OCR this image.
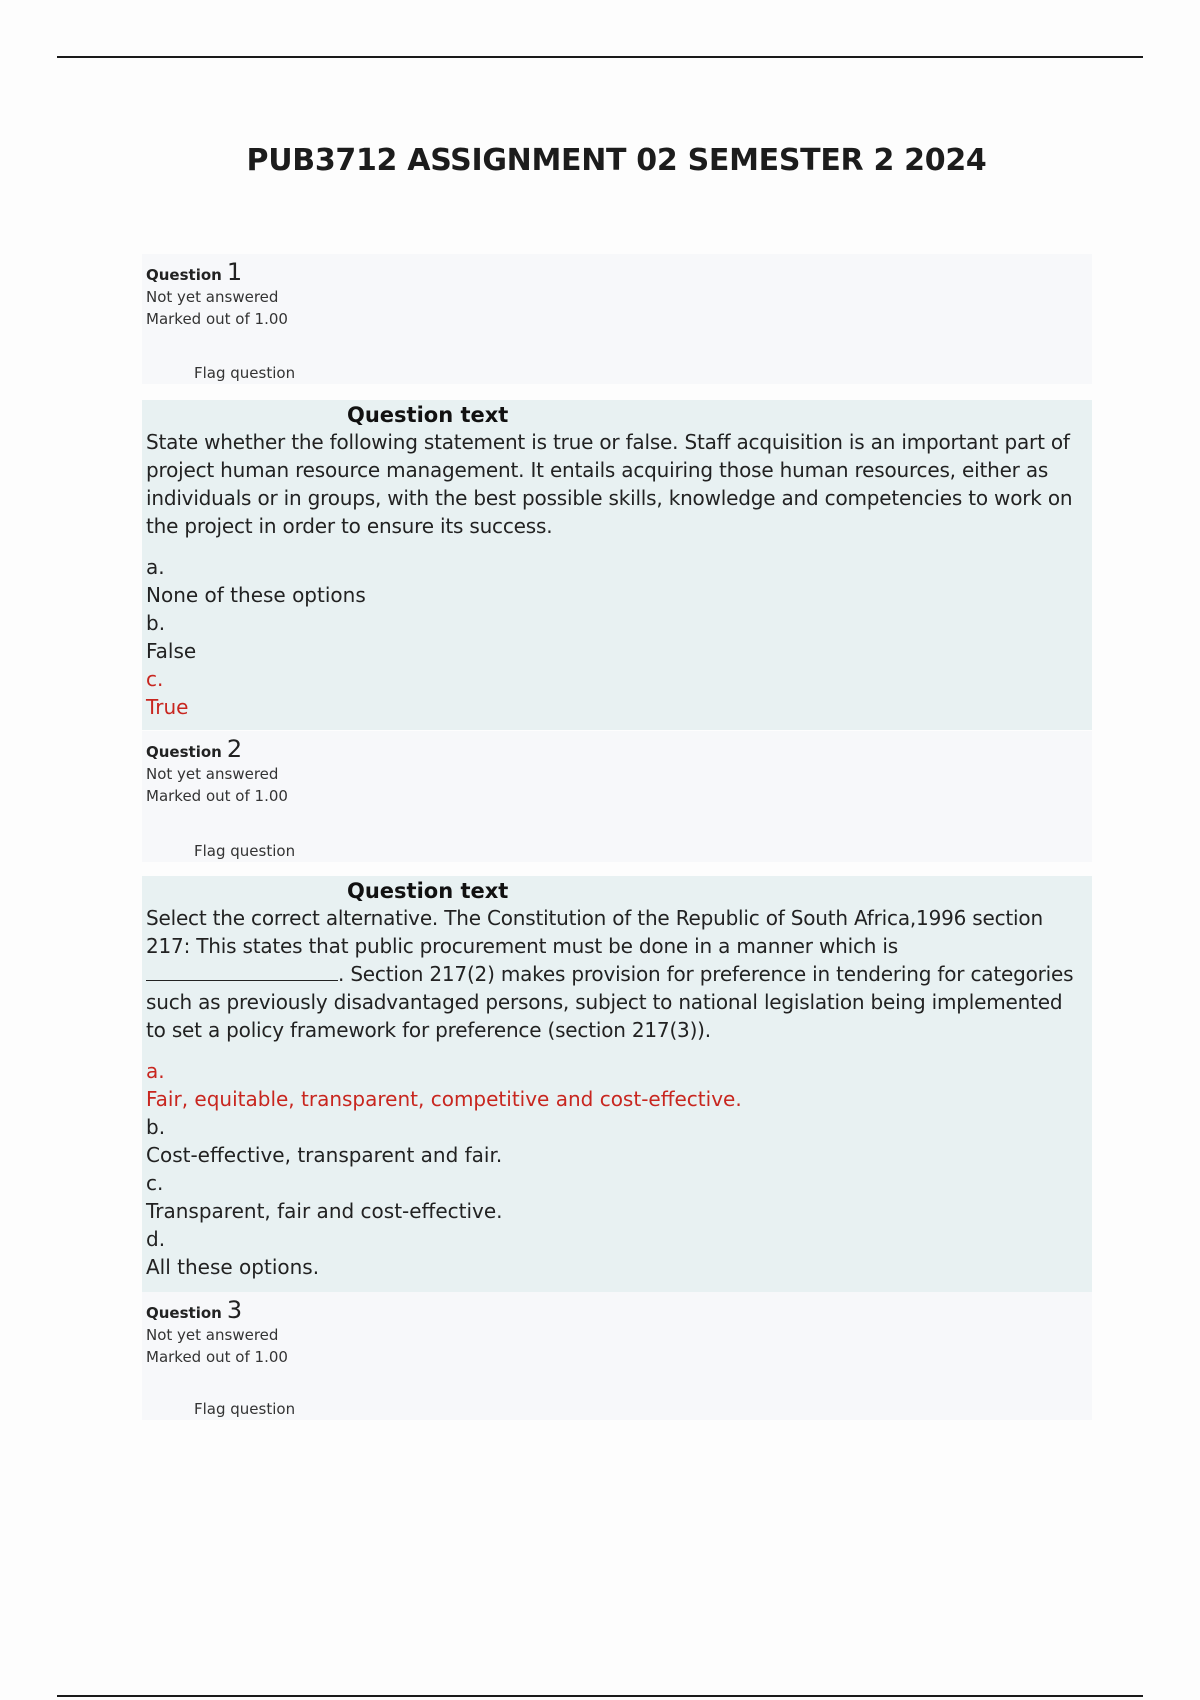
PUB3712 ASSIGNMENT 02 SEMESTER 2 2024
Question 1
Not yet answered
Marked out of 1.00
Flag question
Question text
State whether the following statement is true or false. Staff acquisition is an important part of project human resource management. It entails acquiring those human resources, either as individuals or in groups, with the best possible skills, knowledge and competencies to work on the project in order to ensure its success.
a.
None of these options
b.
False
c.
True
Question 2
Not yet answered
Marked out of 1.00
Flag question
Question text
Select the correct alternative. The Constitution of the Republic of South Africa,1996 section 217: This states that public procurement must be done in a manner which is . Section 217(2) makes provision for preference in tendering for categories such as previously disadvantaged persons, subject to national legislation being implemented to set a policy framework for preference (section 217(3)).
a.
Fair, equitable, transparent, competitive and cost-effective.
b.
Cost-effective, transparent and fair.
c.
Transparent, fair and cost-effective.
d.
All these options.
Question 3
Not yet answered
Marked out of 1.00
Flag question
